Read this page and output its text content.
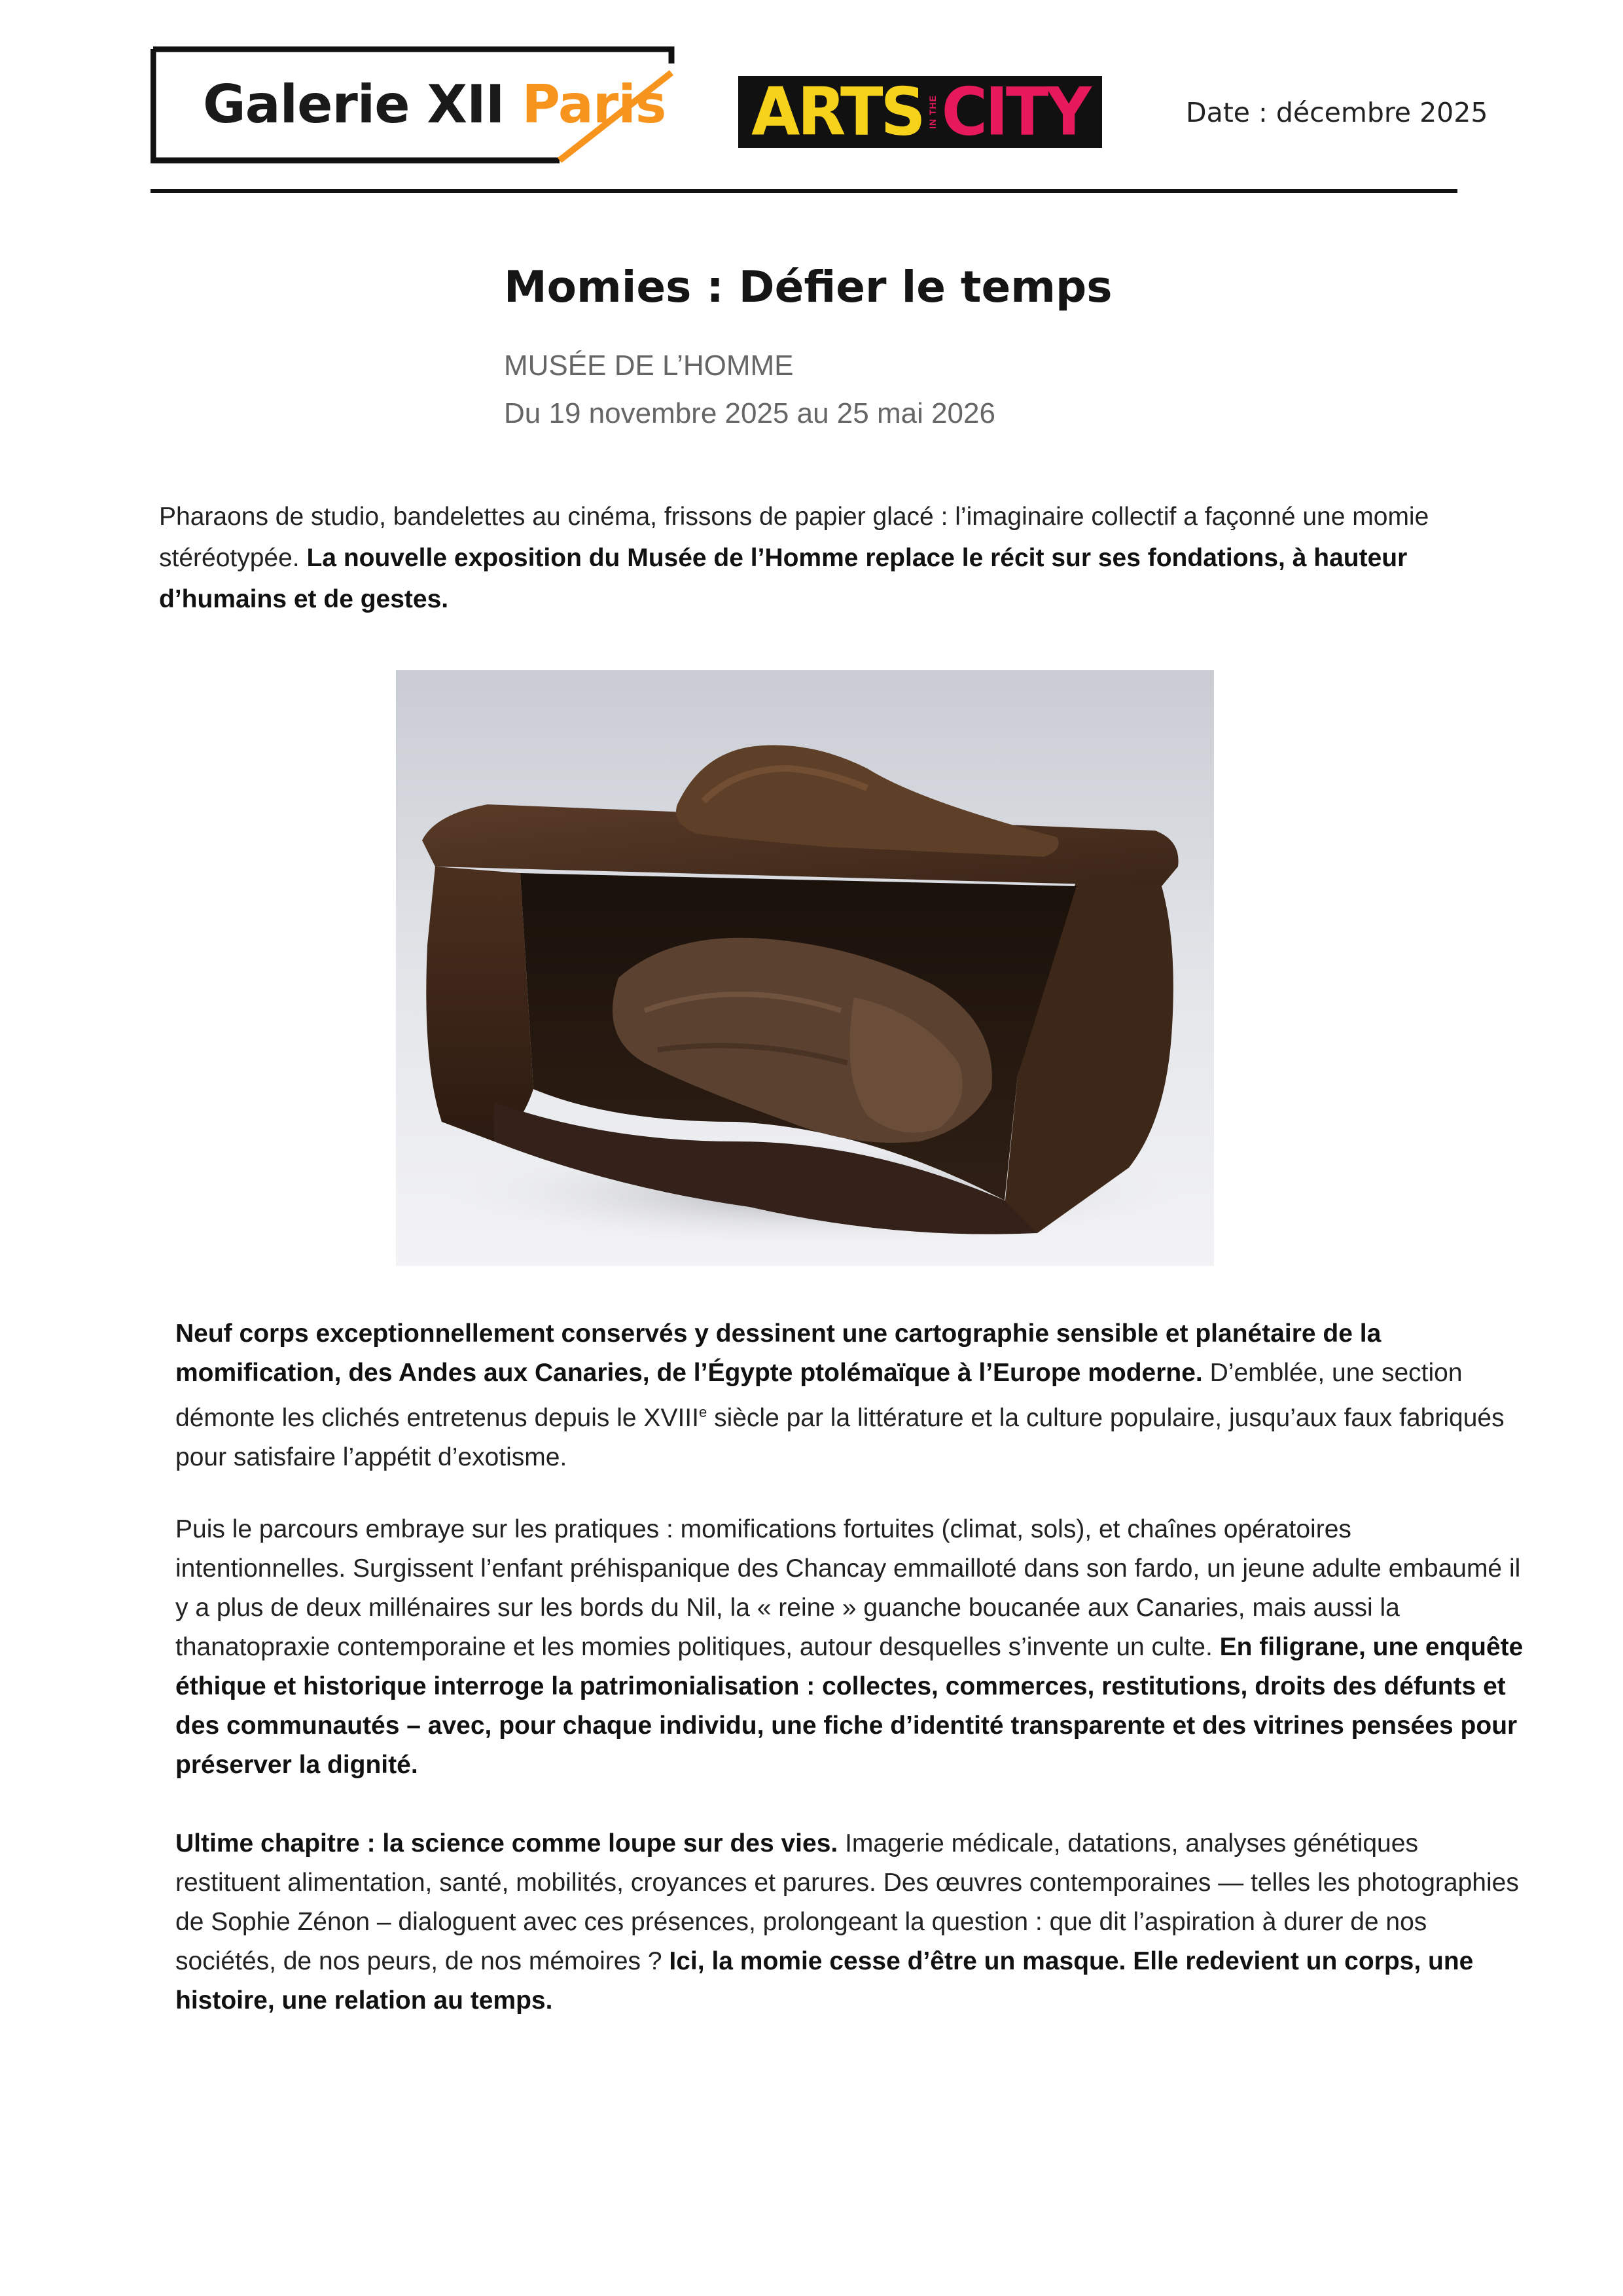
Galerie XII Paris ARTS IN THE CITY	Date : décembre 2025
Momies : Défier le temps
MUSÉE DE L’HOMME
Du 19 novembre 2025 au 25 mai 2026
Pharaons de studio, bandelettes au cinéma, frissons de papier glacé : l’imaginaire collectif a façonné une momie stéréotypée. La nouvelle exposition du Musée de l’Homme replace le récit sur ses fondations, à hauteur d’humains et de gestes.
Neuf corps exceptionnellement conservés y dessinent une cartographie sensible et planétaire de la momification, des Andes aux Canaries, de l’Égypte ptolémaïque à l’Europe moderne. D’emblée, une section démonte les clichés entretenus depuis le XVIIIe siècle par la littérature et la culture populaire, jusqu’aux faux fabriqués pour satisfaire l’appétit d’exotisme.
Puis le parcours embraye sur les pratiques : momifications fortuites (climat, sols), et chaînes opératoires intentionnelles. Surgissent l’enfant préhispanique des Chancay emmailloté dans son fardo, un jeune adulte embaumé il y a plus de deux millénaires sur les bords du Nil, la « reine » guanche boucanée aux Canaries, mais aussi la thanatopraxie contemporaine et les momies politiques, autour desquelles s’invente un culte. En filigrane, une enquête éthique et historique interroge la patrimonialisation : collectes, commerces, restitutions, droits des défunts et des communautés – avec, pour chaque individu, une fiche d’identité transparente et des vitrines pensées pour préserver la dignité.
Ultime chapitre : la science comme loupe sur des vies. Imagerie médicale, datations, analyses génétiques restituent alimentation, santé, mobilités, croyances et parures. Des œuvres contemporaines — telles les photographies de Sophie Zénon – dialoguent avec ces présences, prolongeant la question : que dit l’aspiration à durer de nos sociétés, de nos peurs, de nos mémoires ? Ici, la momie cesse d’être un masque. Elle redevient un corps, une histoire, une relation au temps.
